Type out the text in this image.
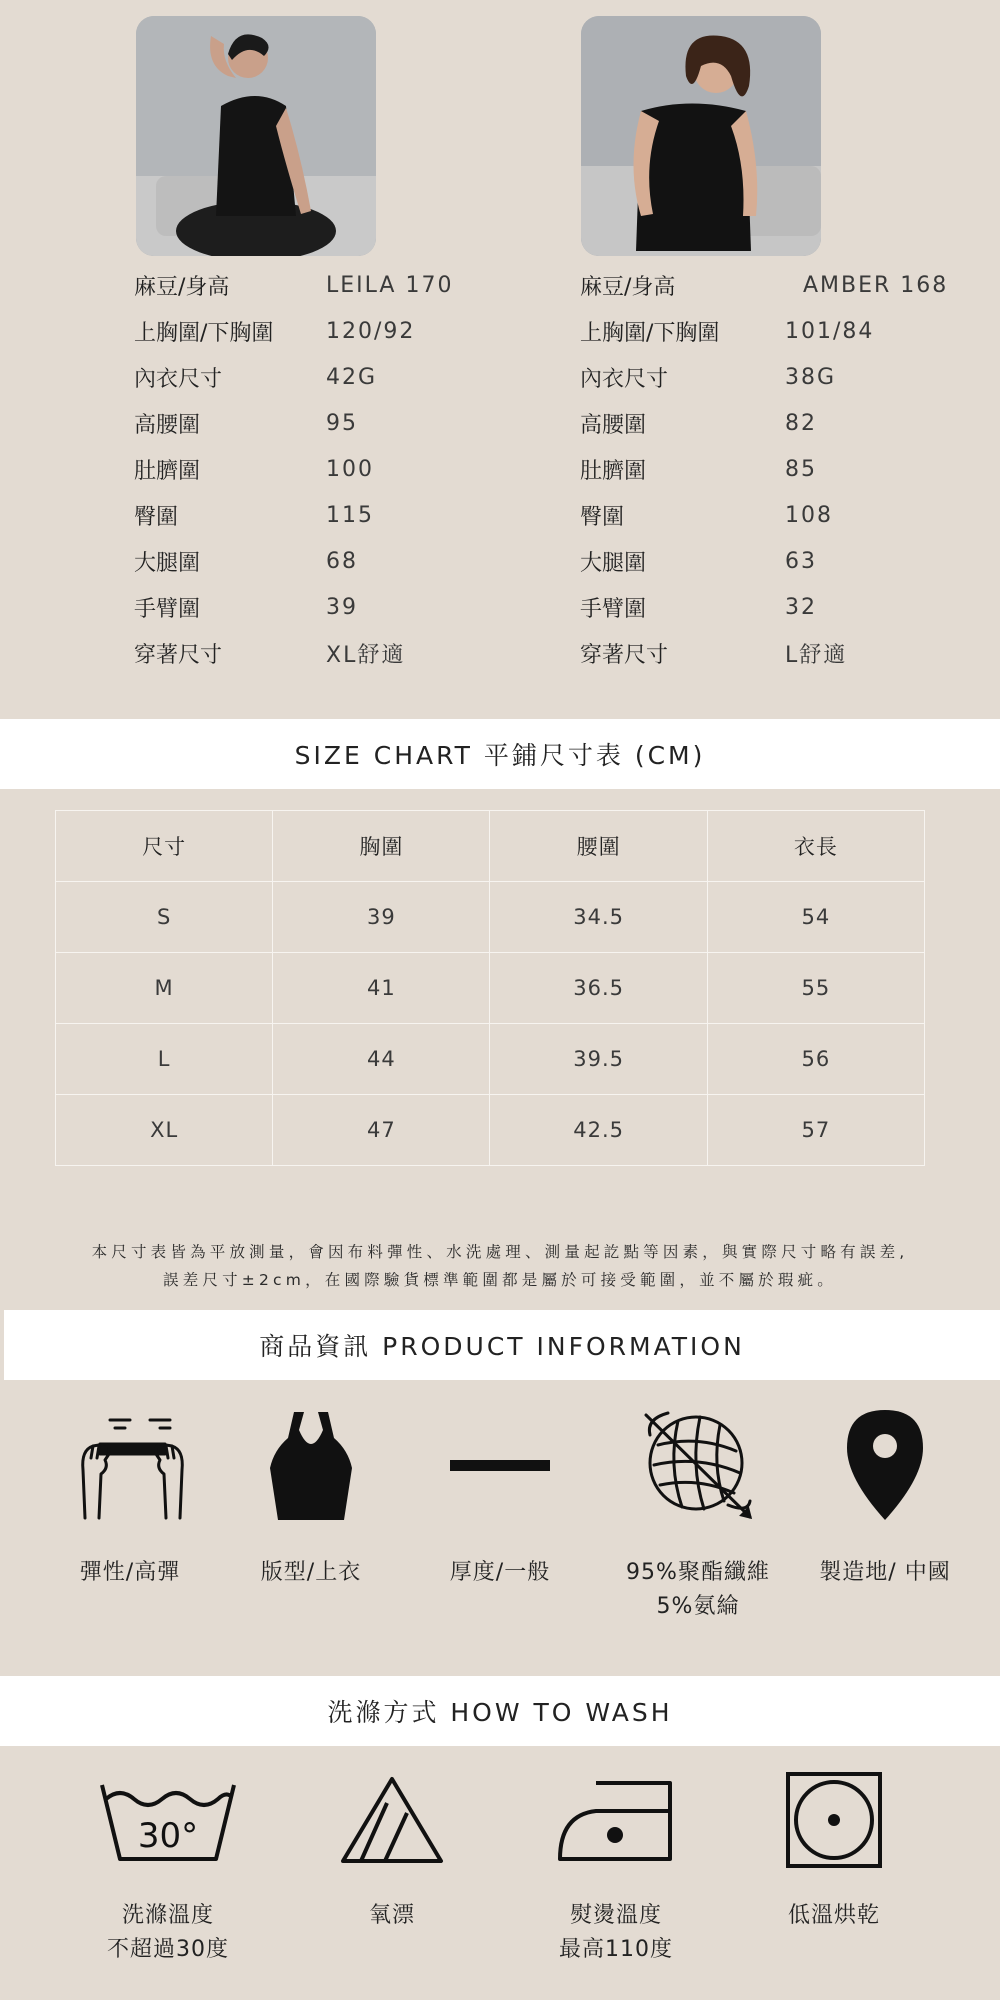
麻豆/身高	LEILA 170
上胸圍/下胸圍	120/92
內衣尺寸	42G
高腰圍	95
肚臍圍	100
臀圍	115
大腿圍	68
手臂圍	39
穿著尺寸	XL舒適
麻豆/身高	AMBER 168
上胸圍/下胸圍	101/84
內衣尺寸	38G
高腰圍	82
肚臍圍	85
臀圍	108
大腿圍	63
手臂圍	32
穿著尺寸	L舒適
SIZE CHART 平鋪尺寸表 (CM)
尺寸	胸圍	腰圍	衣長
S	39	34.5	54
M	41	36.5	55
L	44	39.5	56
XL	47	42.5	57
本尺寸表皆為平放測量，會因布料彈性、水洗處理、測量起訖點等因素，與實際尺寸略有誤差,
誤差尺寸±2cm，在國際驗貨標準範圍都是屬於可接受範圍，並不屬於瑕疵。
商品資訊 PRODUCT INFORMATION
彈性/高彈	版型/上衣	厚度/一般	95%聚酯纖維
5%氨綸
製造地/ 中國
洗滌方式 HOW TO WASH
30°
洗滌溫度
不超過30度
氧漂	熨燙溫度
最高110度
低溫烘乾
